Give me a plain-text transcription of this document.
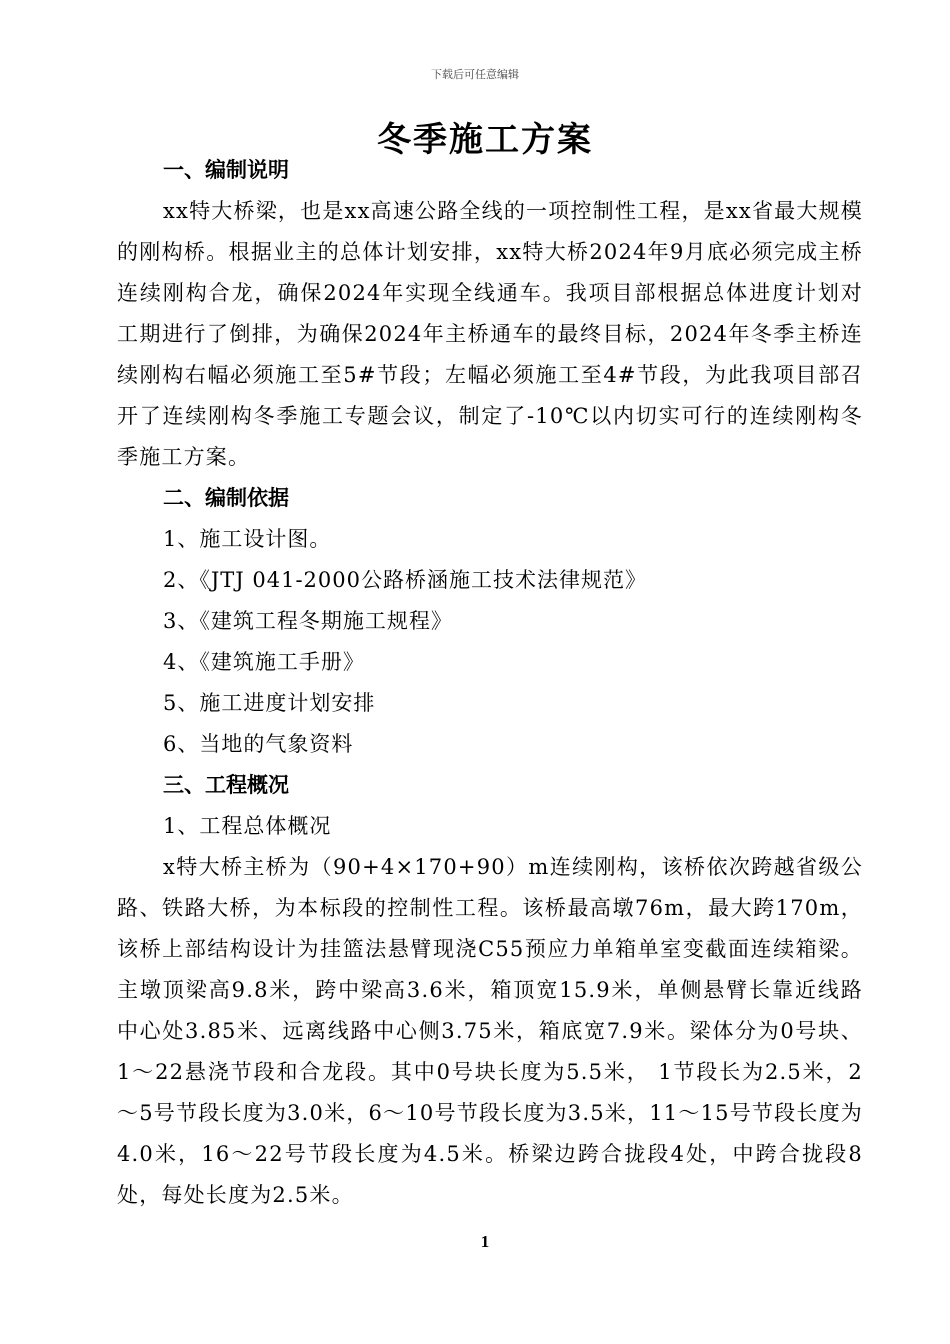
下载后可任意编辑
冬季施工方案

一、编制说明

xx特大桥梁，也是xx高速公路全线的一项控制性工程，是xx省最大规模的刚构桥。根据业主的总体计划安排，xx特大桥2024年9月底必须完成主桥连续刚构合龙，确保2024年实现全线通车。我项目部根据总体进度计划对工期进行了倒排，为确保2024年主桥通车的最终目标，2024年冬季主桥连续刚构右幅必须施工至5#节段；左幅必须施工至4#节段，为此我项目部召开了连续刚构冬季施工专题会议，制定了-10℃以内切实可行的连续刚构冬季施工方案。

二、编制依据

1、施工设计图。

2、《JTJ 041-2000公路桥涵施工技术法律规范》

3、《建筑工程冬期施工规程》

4、《建筑施工手册》

5、施工进度计划安排

6、当地的气象资料

三、工程概况

1、工程总体概况

x特大桥主桥为（90+4×170+90）m连续刚构，该桥依次跨越省级公路、铁路大桥，为本标段的控制性工程。该桥最高墩76m，最大跨170m，该桥上部结构设计为挂篮法悬臂现浇C55预应力单箱单室变截面连续箱梁。主墩顶梁高9.8米，跨中梁高3.6米，箱顶宽15.9米，单侧悬臂长靠近线路中心处3.85米、远离线路中心侧3.75米，箱底宽7.9米。梁体分为0号块、1～22悬浇节段和合龙段。其中0号块长度为5.5米， 1节段长为2.5米，2～5号节段长度为3.0米，6～10号节段长度为3.5米，11～15号节段长度为4.0米，16～22号节段长度为4.5米。桥梁边跨合拢段4处，中跨合拢段8处，每处长度为2.5米。

1
